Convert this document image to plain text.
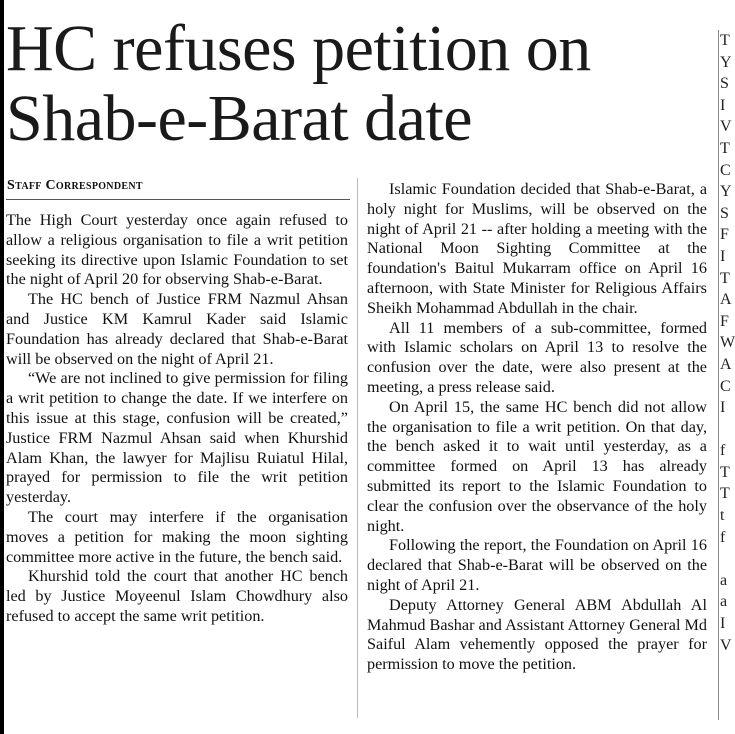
HC refuses petition on
Shab-e-Barat date
Staff Correspondent

The High Court yesterday once again refused to allow a religious organisation to file a writ petition seeking its directive upon Islamic Foundation to set the night of April 20 for observing Shab-e-Barat.

The HC bench of Justice FRM Nazmul Ahsan and Justice KM Kamrul Kader said Islamic Foundation has already declared that Shab-e-Barat will be observed on the night of April 21.

“We are not inclined to give permission for filing a writ petition to change the date. If we interfere on this issue at this stage, confusion will be created,” Justice FRM Nazmul Ahsan said when Khurshid Alam Khan, the lawyer for Majlisu Ruiatul Hilal, prayed for permission to file the writ petition yesterday.

The court may interfere if the organisation moves a petition for making the moon sighting committee more active in the future, the bench said.

Khurshid told the court that another HC bench led by Justice Moyeenul Islam Chowdhury also refused to accept the same writ petition.

Islamic Foundation decided that Shab-e-Barat, a holy night for Muslims, will be observed on the night of April 21 -- after holding a meeting with the National Moon Sighting Committee at the foundation's Baitul Mukarram office on April 16 afternoon, with State Minister for Religious Affairs Sheikh Mohammad Abdullah in the chair.

All 11 members of a sub-committee, formed with Islamic scholars on April 13 to resolve the confusion over the date, were also present at the meeting, a press release said.

On April 15, the same HC bench did not allow the organisation to file a writ petition. On that day, the bench asked it to wait until yesterday, as a committee formed on April 13 has already submitted its report to the Islamic Foundation to clear the confusion over the observance of the holy night.

Following the report, the Foundation on April 16 declared that Shab-e-Barat will be observed on the night of April 21.

Deputy Attorney General ABM Abdullah Al Mahmud Bashar and Assistant Attorney General Md Saiful Alam vehemently opposed the prayer for permission to move the petition.

T
Y
S
I
V
T
C
Y
S
F
I
T
A
F
W
A
C
I

f
T
T
t
f

a
a
I
V
